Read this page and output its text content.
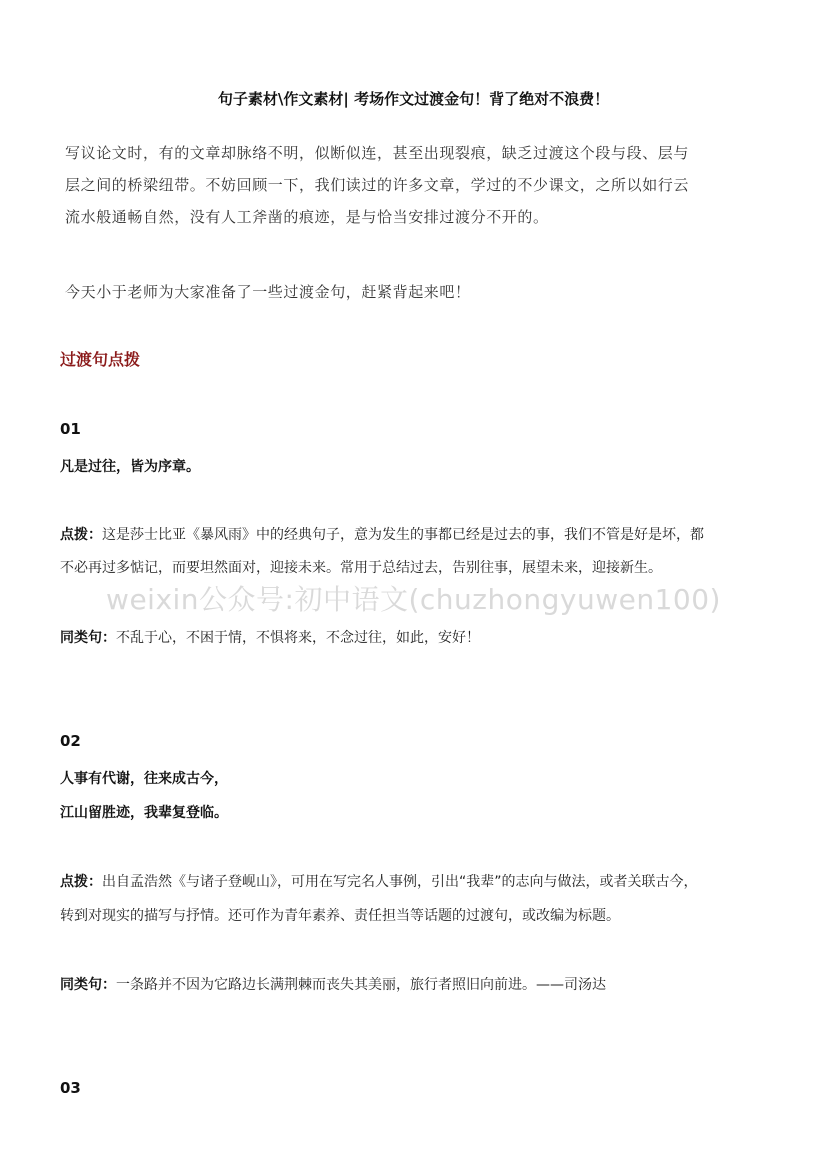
句子素材\作文素材| 考场作文过渡金句！背了绝对不浪费！

写议论文时，有的文章却脉络不明，似断似连，甚至出现裂痕，缺乏过渡这个段与段、层与

层之间的桥梁纽带。不妨回顾一下，我们读过的许多文章，学过的不少课文，之所以如行云

流水般通畅自然，没有人工斧凿的痕迹，是与恰当安排过渡分不开的。

今天小于老师为大家准备了一些过渡金句，赶紧背起来吧！

过渡句点拨
01
凡是过往，皆为序章。
点拨：这是莎士比亚《暴风雨》中的经典句子，意为发生的事都已经是过去的事，我们不管是好是坏，都
不必再过多惦记，而要坦然面对，迎接未来。常用于总结过去，告别往事，展望未来，迎接新生。
weixin公众号:初中语文(chuzhongyuwen100)
同类句：不乱于心，不困于情，不惧将来，不念过往，如此，安好！
02
人事有代谢，往来成古今，
江山留胜迹，我辈复登临。
点拨：出自孟浩然《与诸子登岘山》，可用在写完名人事例，引出“我辈”的志向与做法，或者关联古今，
转到对现实的描写与抒情。还可作为青年素养、责任担当等话题的过渡句，或改编为标题。
同类句：一条路并不因为它路边长满荆棘而丧失其美丽，旅行者照旧向前进。——司汤达
03
